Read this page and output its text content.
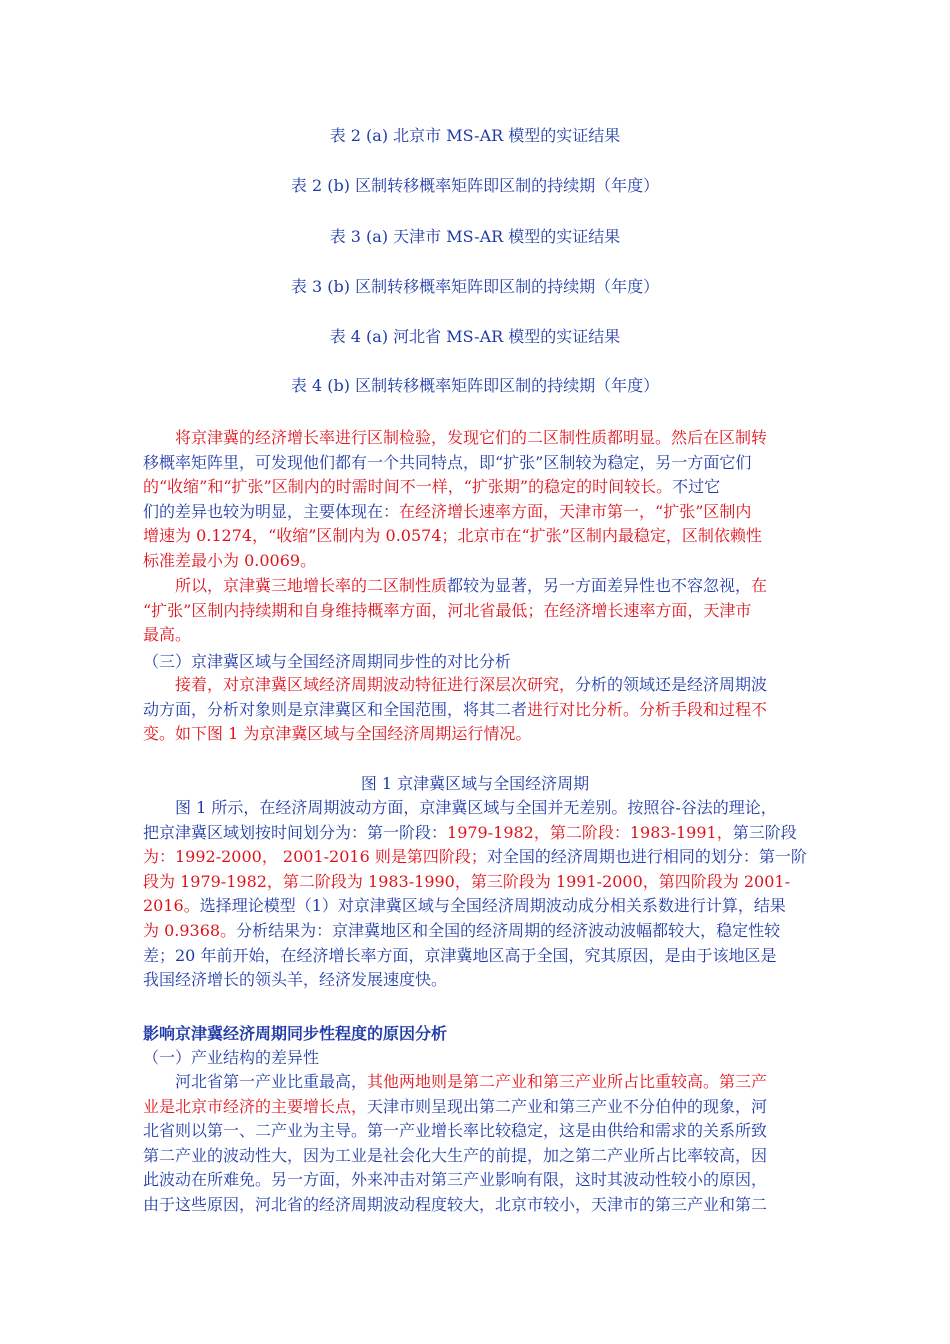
表 2 (a) 北京市 MS-AR 模型的实证结果
表 2 (b) 区制转移概率矩阵即区制的持续期（年度）
表 3 (a) 天津市 MS-AR 模型的实证结果
表 3 (b) 区制转移概率矩阵即区制的持续期（年度）
表 4 (a) 河北省 MS-AR 模型的实证结果
表 4 (b) 区制转移概率矩阵即区制的持续期（年度）
将京津冀的经济增长率进行区制检验，发现它们的二区制性质都明显。然后在区制转
移概率矩阵里，可发现他们都有一个共同特点，即“扩张”区制较为稳定，另一方面它们
的“收缩”和“扩张”区制内的时需时间不一样，“扩张期”的稳定的时间较长。不过它
们的差异也较为明显，主要体现在：在经济增长速率方面，天津市第一，“扩张”区制内
增速为 0.1274，“收缩”区制内为 0.0574；北京市在“扩张”区制内最稳定，区制依赖性
标准差最小为 0.0069。
所以，京津冀三地增长率的二区制性质都较为显著，另一方面差异性也不容忽视，在
“扩张”区制内持续期和自身维持概率方面，河北省最低；在经济增长速率方面，天津市
最高。
（三）京津冀区域与全国经济周期同步性的对比分析
接着，对京津冀区域经济周期波动特征进行深层次研究，分析的领域还是经济周期波
动方面，分析对象则是京津冀区和全国范围，将其二者进行对比分析。分析手段和过程不
变。如下图 1 为京津冀区域与全国经济周期运行情况。
图 1 京津冀区域与全国经济周期
图 1 所示，在经济周期波动方面，京津冀区域与全国并无差别。按照谷-谷法的理论，
把京津冀区域划按时间划分为：第一阶段：1979-1982，第二阶段：1983-1991，第三阶段
为：1992-2000， 2001-2016 则是第四阶段；对全国的经济周期也进行相同的划分：第一阶
段为 1979-1982，第二阶段为 1983-1990，第三阶段为 1991-2000，第四阶段为 2001-
2016。选择理论模型（1）对京津冀区域与全国经济周期波动成分相关系数进行计算，结果
为 0.9368。分析结果为：京津冀地区和全国的经济周期的经济波动波幅都较大，稳定性较
差；20 年前开始，在经济增长率方面，京津冀地区高于全国，究其原因，是由于该地区是
我国经济增长的领头羊，经济发展速度快。
影响京津冀经济周期同步性程度的原因分析
（一）产业结构的差异性
河北省第一产业比重最高，其他两地则是第二产业和第三产业所占比重较高。第三产
业是北京市经济的主要增长点，天津市则呈现出第二产业和第三产业不分伯仲的现象，河
北省则以第一、二产业为主导。第一产业增长率比较稳定，这是由供给和需求的关系所致
第二产业的波动性大，因为工业是社会化大生产的前提，加之第二产业所占比率较高，因
此波动在所难免。另一方面，外来冲击对第三产业影响有限，这时其波动性较小的原因，
由于这些原因，河北省的经济周期波动程度较大，北京市较小，天津市的第三产业和第二
